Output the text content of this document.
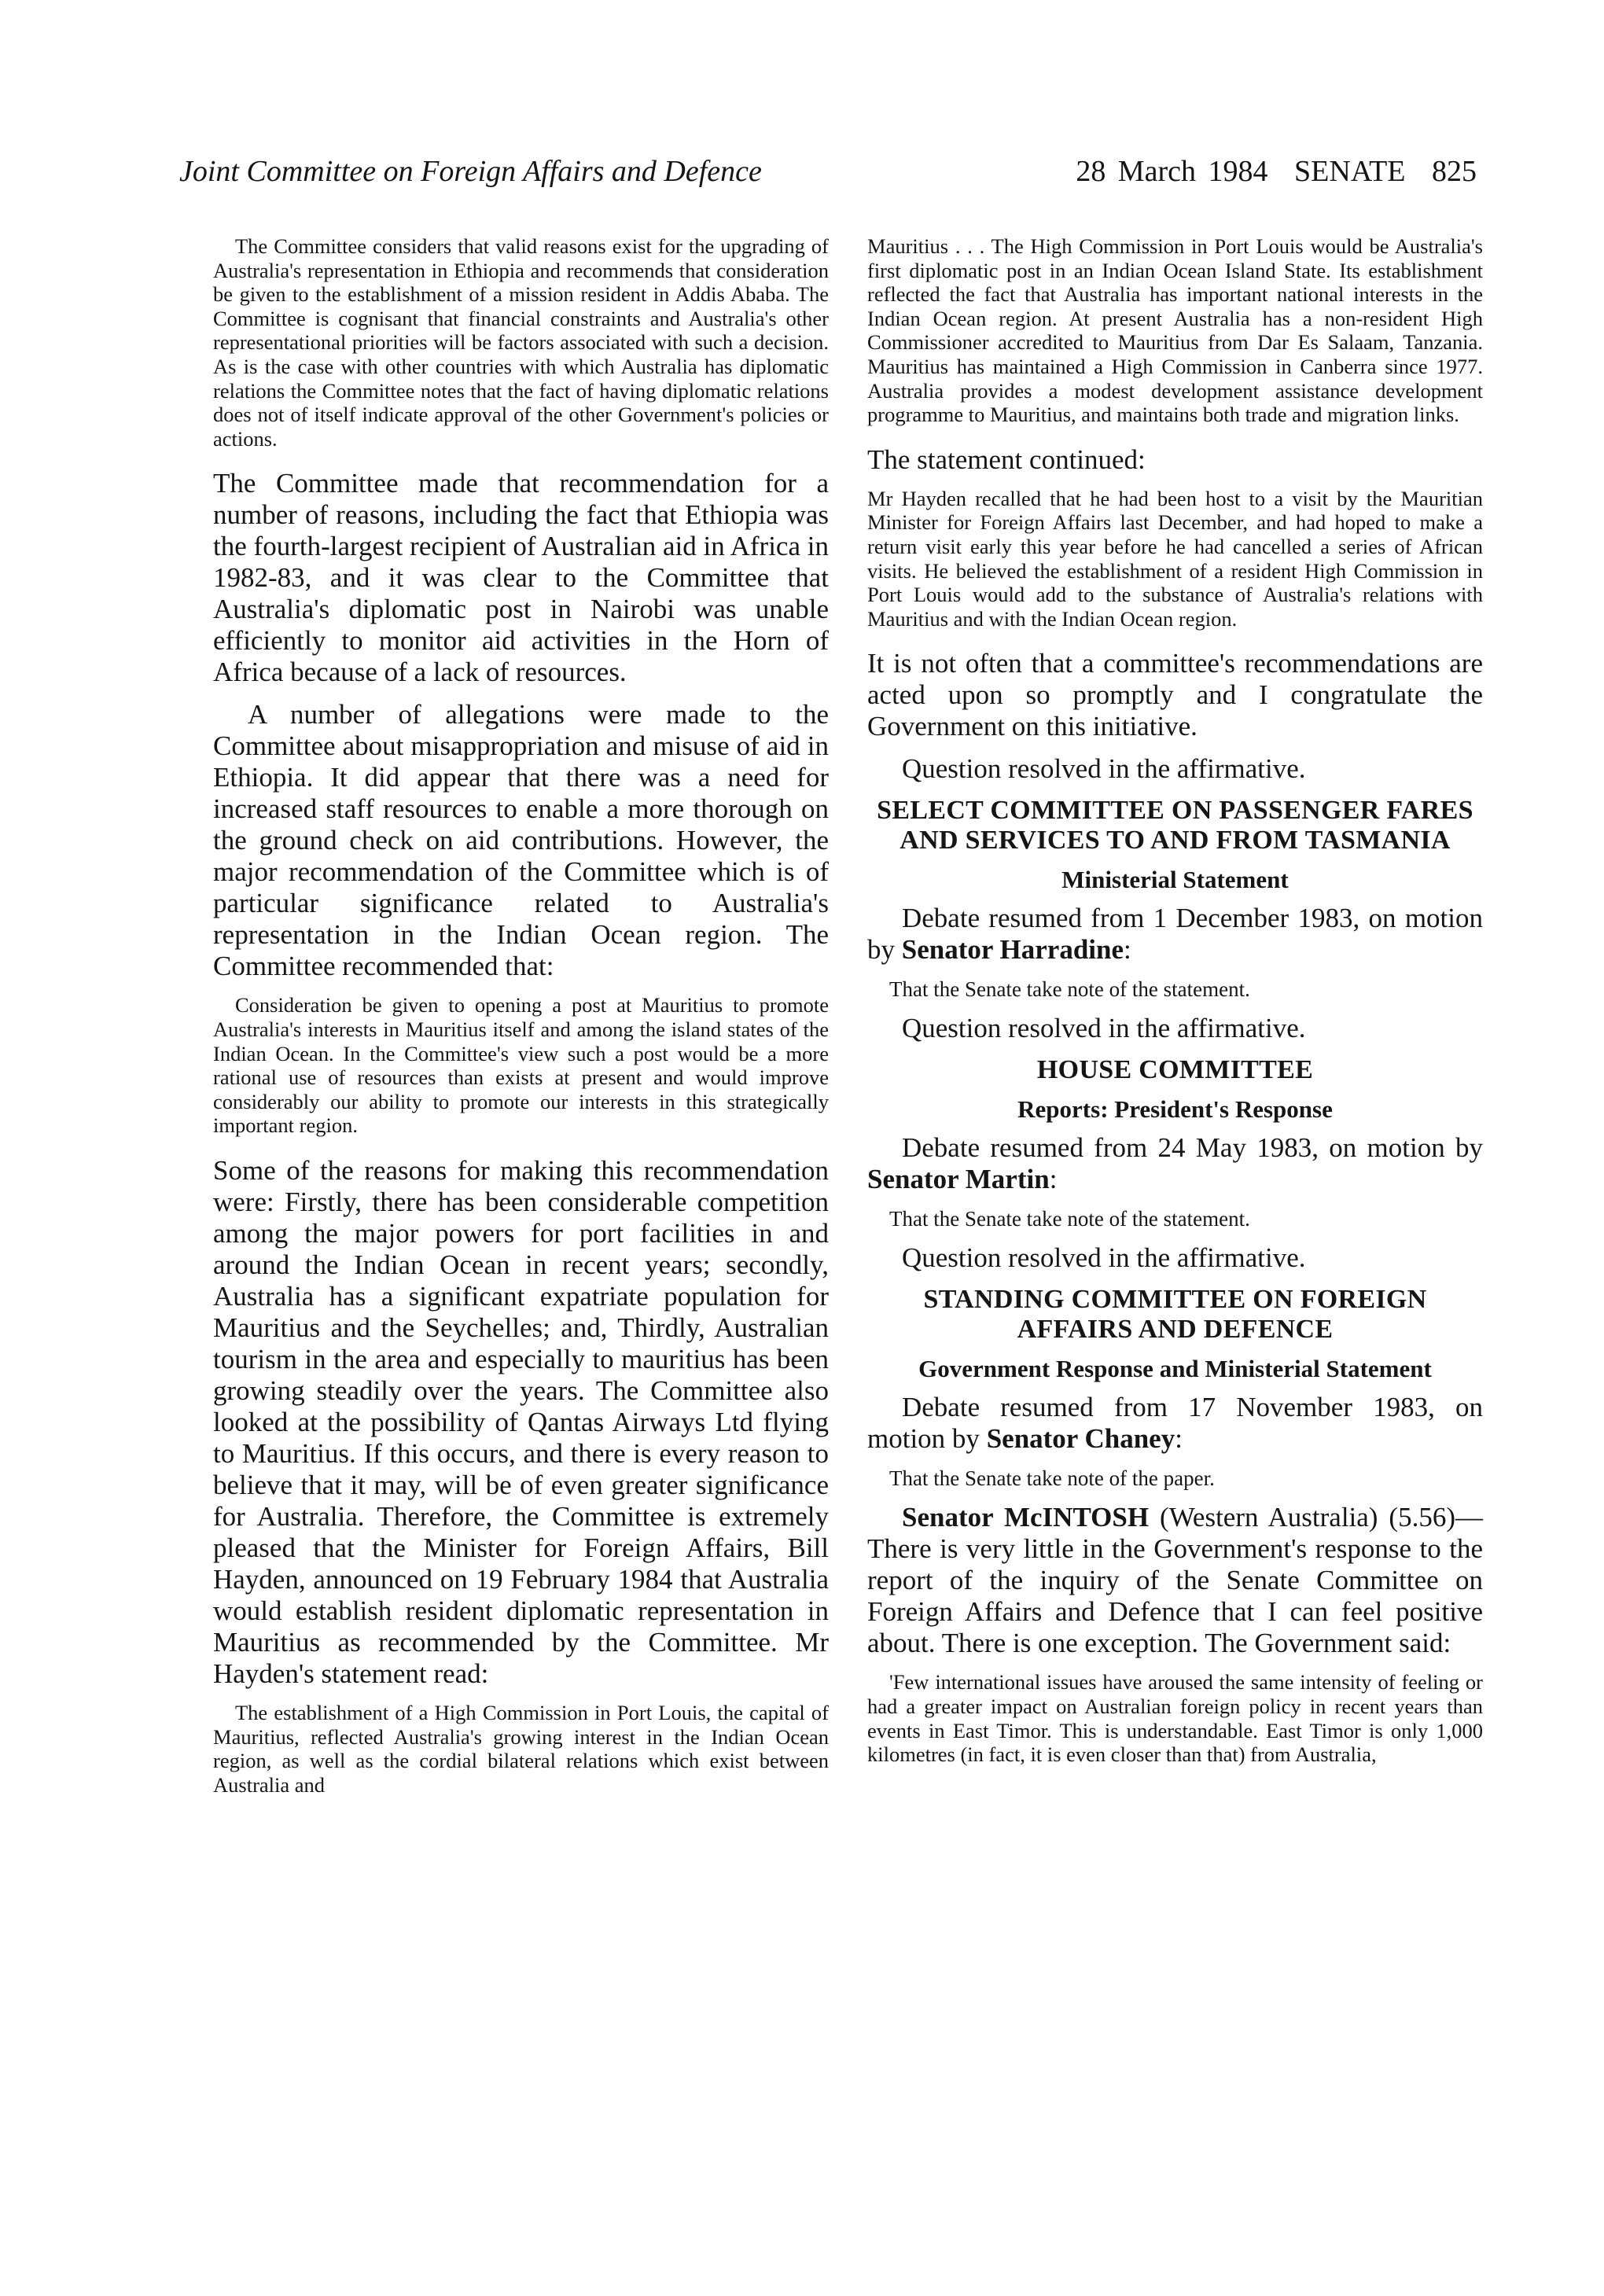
Joint Committee on Foreign Affairs and Defence	28 March 1984 SENATE 825

The Committee considers that valid reasons exist for the upgrading of Australia's representation in Ethiopia and recommends that consideration be given to the establishment of a mission resident in Addis Ababa. The Committee is cognisant that financial constraints and Australia's other representational priorities will be factors associated with such a decision. As is the case with other countries with which Australia has diplomatic relations the Committee notes that the fact of having diplomatic relations does not of itself indicate approval of the other Government's policies or actions.

The Committee made that recommendation for a number of reasons, including the fact that Ethiopia was the fourth-largest recipient of Australian aid in Africa in 1982-83, and it was clear to the Committee that Australia's diplomatic post in Nairobi was unable efficiently to monitor aid activities in the Horn of Africa because of a lack of resources.

A number of allegations were made to the Committee about misappropriation and misuse of aid in Ethiopia. It did appear that there was a need for increased staff resources to enable a more thorough on the ground check on aid contributions. However, the major recommendation of the Committee which is of particular significance related to Australia's representation in the Indian Ocean region. The Committee recommended that:

Consideration be given to opening a post at Mauritius to promote Australia's interests in Mauritius itself and among the island states of the Indian Ocean. In the Committee's view such a post would be a more rational use of resources than exists at present and would improve considerably our ability to promote our interests in this strategically important region.

Some of the reasons for making this recommendation were: Firstly, there has been considerable competition among the major powers for port facilities in and around the Indian Ocean in recent years; secondly, Australia has a significant expatriate population for Mauritius and the Seychelles; and, Thirdly, Australian tourism in the area and especially to mauritius has been growing steadily over the years. The Committee also looked at the possibility of Qantas Airways Ltd flying to Mauritius. If this occurs, and there is every reason to believe that it may, will be of even greater significance for Australia. Therefore, the Committee is extremely pleased that the Minister for Foreign Affairs, Bill Hayden, announced on 19 February 1984 that Australia would establish resident diplomatic representation in Mauritius as recommended by the Committee. Mr Hayden's statement read:

The establishment of a High Commission in Port Louis, the capital of Mauritius, reflected Australia's growing interest in the Indian Ocean region, as well as the cordial bilateral relations which exist between Australia and

Mauritius . . . The High Commission in Port Louis would be Australia's first diplomatic post in an Indian Ocean Island State. Its establishment reflected the fact that Australia has important national interests in the Indian Ocean region. At present Australia has a non-resident High Commissioner accredited to Mauritius from Dar Es Salaam, Tanzania. Mauritius has maintained a High Commission in Canberra since 1977. Australia provides a modest development assistance development programme to Mauritius, and maintains both trade and migration links.

The statement continued:

Mr Hayden recalled that he had been host to a visit by the Mauritian Minister for Foreign Affairs last December, and had hoped to make a return visit early this year before he had cancelled a series of African visits. He believed the establishment of a resident High Commission in Port Louis would add to the substance of Australia's relations with Mauritius and with the Indian Ocean region.

It is not often that a committee's recommendations are acted upon so promptly and I congratulate the Government on this initiative.

Question resolved in the affirmative.

SELECT COMMITTEE ON PASSENGER FARES AND SERVICES TO AND FROM TASMANIA
Ministerial Statement

Debate resumed from 1 December 1983, on motion by Senator Harradine:

That the Senate take note of the statement.

Question resolved in the affirmative.

HOUSE COMMITTEE
Reports: President's Response

Debate resumed from 24 May 1983, on motion by Senator Martin:

That the Senate take note of the statement.

Question resolved in the affirmative.

STANDING COMMITTEE ON FOREIGN AFFAIRS AND DEFENCE
Government Response and Ministerial Statement

Debate resumed from 17 November 1983, on motion by Senator Chaney:

That the Senate take note of the paper.

Senator McINTOSH (Western Australia) (5.56)—There is very little in the Government's response to the report of the inquiry of the Senate Committee on Foreign Affairs and Defence that I can feel positive about. There is one exception. The Government said:

'Few international issues have aroused the same intensity of feeling or had a greater impact on Australian foreign policy in recent years than events in East Timor. This is understandable. East Timor is only 1,000 kilometres (in fact, it is even closer than that) from Australia,
